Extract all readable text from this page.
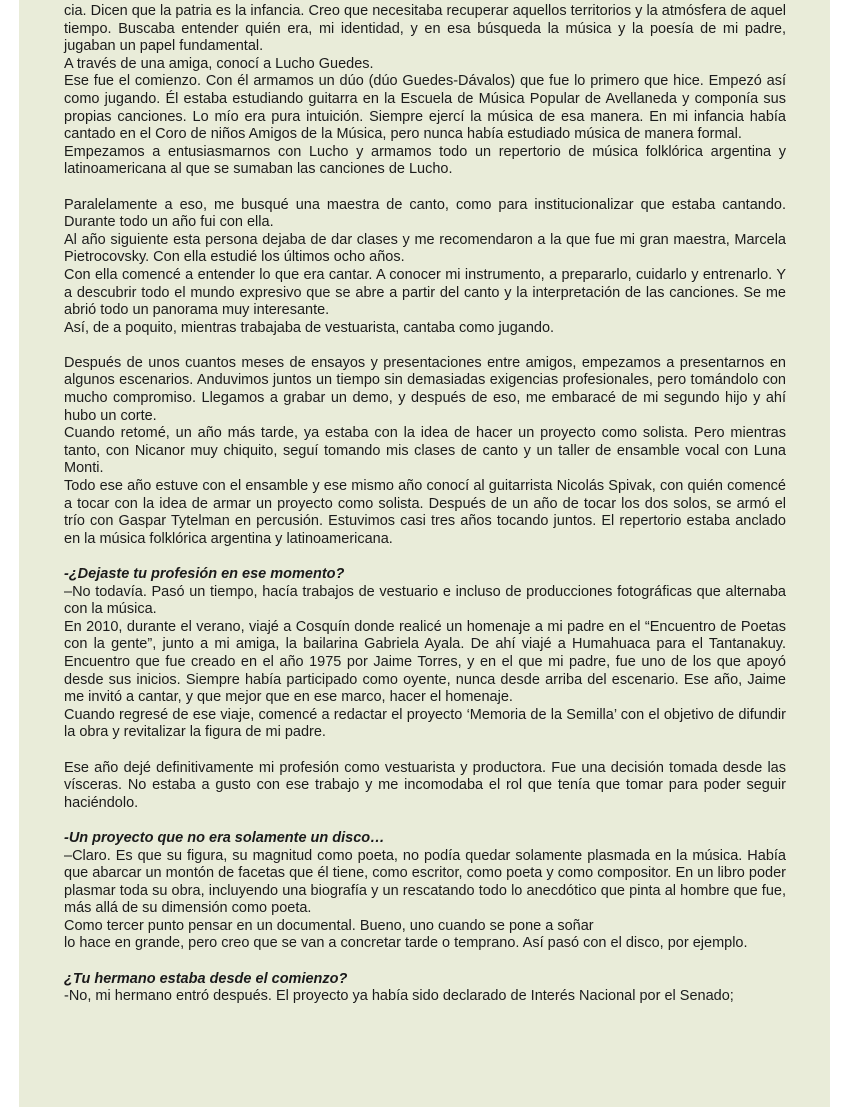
cia. Dicen que la patria es la infancia. Creo que necesitaba recuperar aquellos territorios y la atmósfera de aquel tiempo. Buscaba entender quién era, mi identidad, y en esa búsqueda la música y la poesía de mi padre, jugaban un papel fundamental.

A través de una amiga, conocí a Lucho Guedes.

Ese fue el comienzo. Con él armamos un dúo (dúo Guedes-Dávalos) que fue lo primero que hice. Empezó así como jugando. Él estaba estudiando guitarra en la Escuela de Música Popular de Avellaneda y componía sus propias canciones. Lo mío era pura intuición. Siempre ejercí la música de esa manera. En mi infancia había cantado en el Coro de niños Amigos de la Música, pero nunca había estudiado música de manera formal.

Empezamos a entusiasmarnos con Lucho y armamos todo un repertorio de música folklórica argentina y latinoamericana al que se sumaban las canciones de Lucho.

Paralelamente a eso, me busqué una maestra de canto, como para institucionalizar que estaba cantando. Durante todo un año fui con ella.

Al año siguiente esta persona dejaba de dar clases y me recomendaron a la que fue mi gran maestra, Marcela Pietrocovsky. Con ella estudié los últimos ocho años.

Con ella comencé a entender lo que era cantar. A conocer mi instrumento, a prepararlo, cuidarlo y entrenarlo. Y a descubrir todo el mundo expresivo que se abre a partir del canto y la interpretación de las canciones. Se me abrió todo un panorama muy interesante.

Así, de a poquito, mientras trabajaba de vestuarista, cantaba como jugando.

Después de unos cuantos meses de ensayos y presentaciones entre amigos, empezamos a presentarnos en algunos escenarios. Anduvimos juntos un tiempo sin demasiadas exigencias profesionales, pero tomándolo con mucho compromiso. Llegamos a grabar un demo, y después de eso, me embaracé de mi segundo hijo y ahí hubo un corte.

Cuando retomé, un año más tarde, ya estaba con la idea de hacer un proyecto como solista. Pero mientras tanto, con Nicanor muy chiquito, seguí tomando mis clases de canto y un taller de ensamble vocal con Luna Monti.

Todo ese año estuve con el ensamble y ese mismo año conocí al guitarrista Nicolás Spivak, con quién comencé a tocar con la idea de armar un proyecto como solista. Después de un año de tocar los dos solos, se armó el trío con Gaspar Tytelman en percusión. Estuvimos casi tres años tocando juntos. El repertorio estaba anclado en la música folklórica argentina y latinoamericana.

-¿Dejaste tu profesión en ese momento?

–No todavía. Pasó un tiempo, hacía trabajos de vestuario e incluso de producciones fotográficas que alternaba con la música.

En 2010, durante el verano, viajé a Cosquín donde realicé un homenaje a mi padre en el “Encuentro de Poetas con la gente”, junto a mi amiga, la bailarina Gabriela Ayala. De ahí viajé a Humahuaca para el Tantanakuy. Encuentro que fue creado en el año 1975 por Jaime Torres, y en el que mi padre, fue uno de los que apoyó desde sus inicios. Siempre había participado como oyente, nunca desde arriba del escenario. Ese año, Jaime me invitó a cantar, y que mejor que en ese marco, hacer el homenaje.

Cuando regresé de ese viaje, comencé a redactar el proyecto ‘Memoria de la Semilla’ con el objetivo de difundir la obra y revitalizar la figura de mi padre.

Ese año dejé definitivamente mi profesión como vestuarista y productora. Fue una decisión tomada desde las vísceras. No estaba a gusto con ese trabajo y me incomodaba el rol que tenía que tomar para poder seguir haciéndolo.

-Un proyecto que no era solamente un disco…

–Claro. Es que su figura, su magnitud como poeta, no podía quedar solamente plasmada en la música. Había que abarcar un montón de facetas que él tiene, como escritor, como poeta y como compositor. En un libro poder plasmar toda su obra, incluyendo una biografía y un rescatando todo lo anecdótico que pinta al hombre que fue, más allá de su dimensión como poeta.

Como tercer punto pensar en un documental. Bueno, uno cuando se pone a soñar

lo hace en grande, pero creo que se van a concretar tarde o temprano. Así pasó con el disco, por ejemplo.

¿Tu hermano estaba desde el comienzo?

-No, mi hermano entró después. El proyecto ya había sido declarado de Interés Nacional por el Senado;
